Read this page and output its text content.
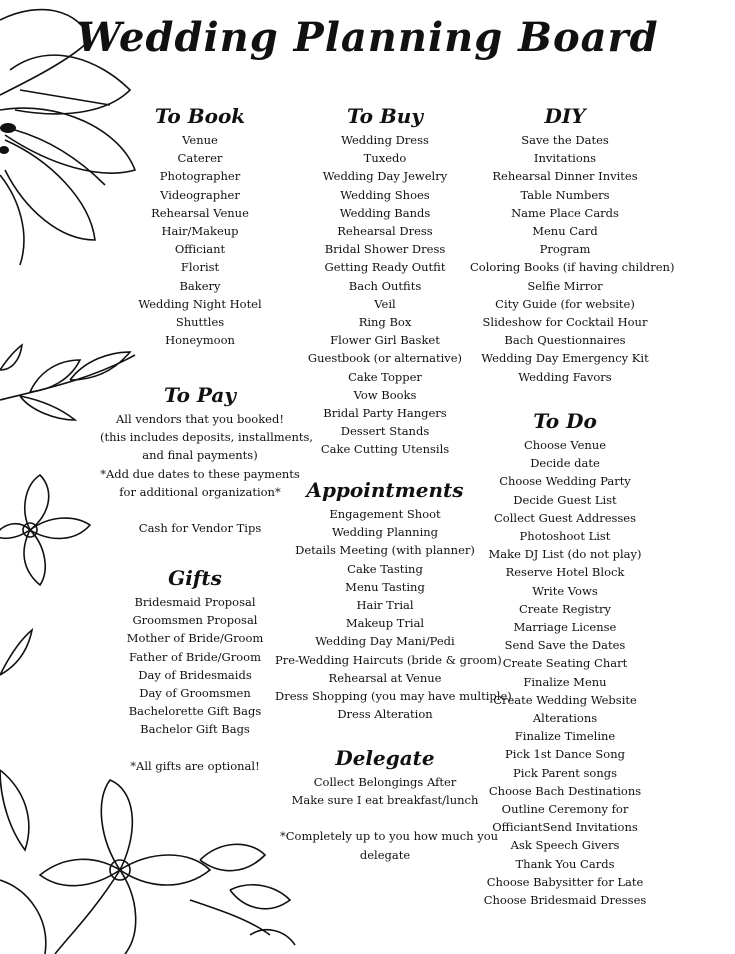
Wedding Planning Board
To Book
Venue
Caterer
Photographer
Videographer
Rehearsal Venue
Hair/Makeup
Officiant
Florist
Bakery
Wedding Night Hotel
Shuttles
Honeymoon
To Pay
All vendors that you booked!
(this includes deposits, installments,
and final payments)
*Add due dates to these payments
for additional organization*
Cash for Vendor Tips
Gifts
Bridesmaid Proposal
Groomsmen Proposal
Mother of Bride/Groom
Father of Bride/Groom
Day of Bridesmaids
Day of Groomsmen
Bachelorette Gift Bags
Bachelor Gift Bags
*All gifts are optional!
To Buy
Wedding Dress
Tuxedo
Wedding Day Jewelry
Wedding Shoes
Wedding Bands
Rehearsal Dress
Bridal Shower Dress
Getting Ready Outfit
Bach Outfits
Veil
Ring Box
Flower Girl Basket
Guestbook (or alternative)
Cake Topper
Vow Books
Bridal Party Hangers
Dessert Stands
Cake Cutting Utensils
Appointments
Engagement Shoot
Wedding Planning
Details Meeting (with planner)
Cake Tasting
Menu Tasting
Hair Trial
Makeup Trial
Wedding Day Mani/Pedi
Pre-Wedding Haircuts (bride & groom)
Rehearsal at Venue
Dress Shopping (you may have multiple)
Dress Alteration
Delegate
Collect Belongings After
Make sure I eat breakfast/lunch
*Completely up to you how much you
delegate
DIY
Save the Dates
Invitations
Rehearsal Dinner Invites
Table Numbers
Name Place Cards
Menu Card
Program
Coloring Books (if having children)
Selfie Mirror
City Guide (for website)
Slideshow for Cocktail Hour
Bach Questionnaires
Wedding Day Emergency Kit
Wedding Favors
To Do
Choose Venue
Decide date
Choose Wedding Party
Decide Guest List
Collect Guest Addresses
Photoshoot List
Make DJ List (do not play)
Reserve Hotel Block
Write Vows
Create Registry
Marriage License
Send Save the Dates
Create Seating Chart
Finalize Menu
Create Wedding Website
Alterations
Finalize Timeline
Pick 1st Dance Song
Pick Parent songs
Choose Bach Destinations
Outline Ceremony for
OfficiantSend Invitations
Ask Speech Givers
Thank You Cards
Choose Babysitter for Late
Choose Bridesmaid Dresses
